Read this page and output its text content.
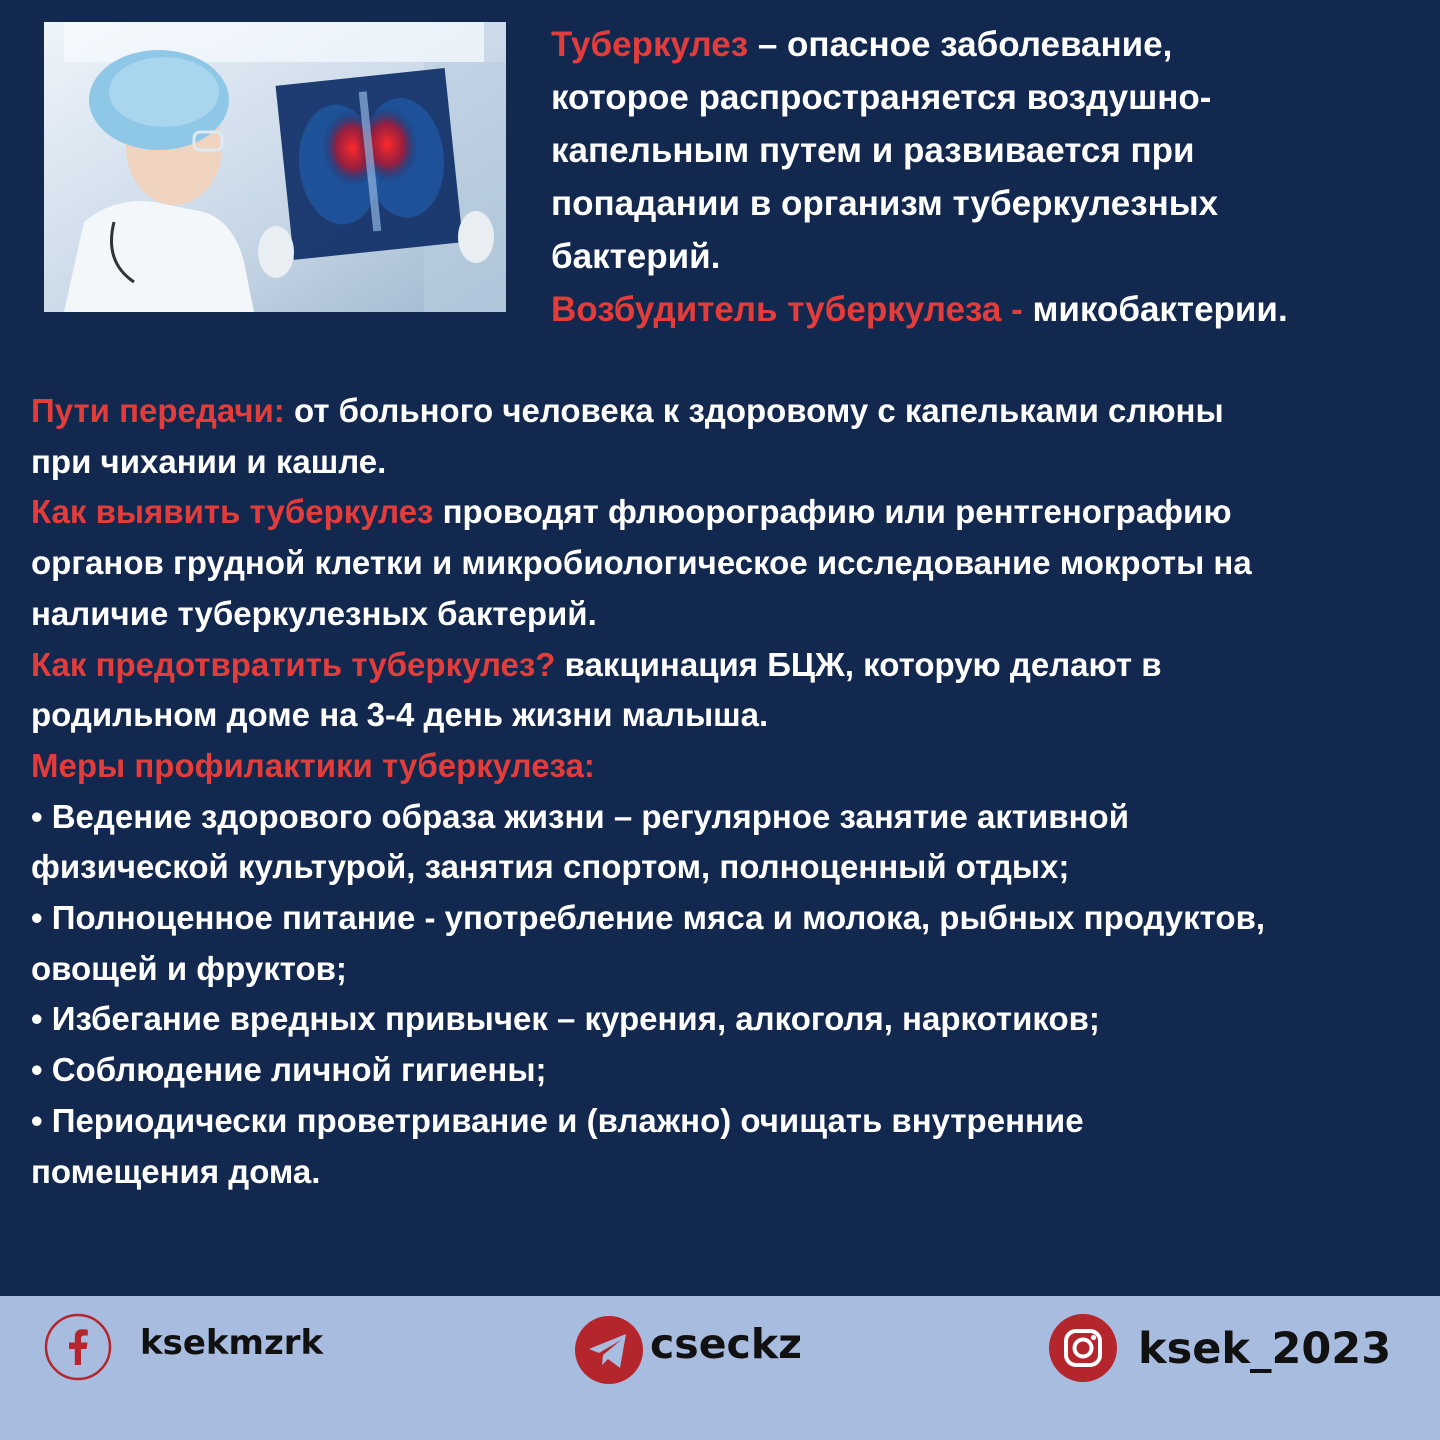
Туберкулез – опасное заболевание,
которое распространяется воздушно-
капельным путем и развивается при
попадании в организм туберкулезных
бактерий.
Возбудитель туберкулеза - микобактерии.

Пути передачи: от больного человека к здоровому с капельками слюны
при чихании и кашле.
Как выявить туберкулез проводят флюорографию или рентгенографию
органов грудной клетки и микробиологическое исследование мокроты на
наличие туберкулезных бактерий.
Как предотвратить туберкулез? вакцинация БЦЖ, которую делают в
родильном доме на 3-4 день жизни малыша.
Меры профилактики туберкулеза:
• Ведение здорового образа жизни – регулярное занятие активной
физической культурой, занятия спортом, полноценный отдых;
• Полноценное питание - употребление мяса и молока, рыбных продуктов,
овощей и фруктов;
• Избегание вредных привычек – курения, алкоголя, наркотиков;
• Соблюдение личной гигиены;
• Периодически проветривание и (влажно) очищать внутренние
помещения дома.

ksekmzrk	cseckz	ksek_2023
